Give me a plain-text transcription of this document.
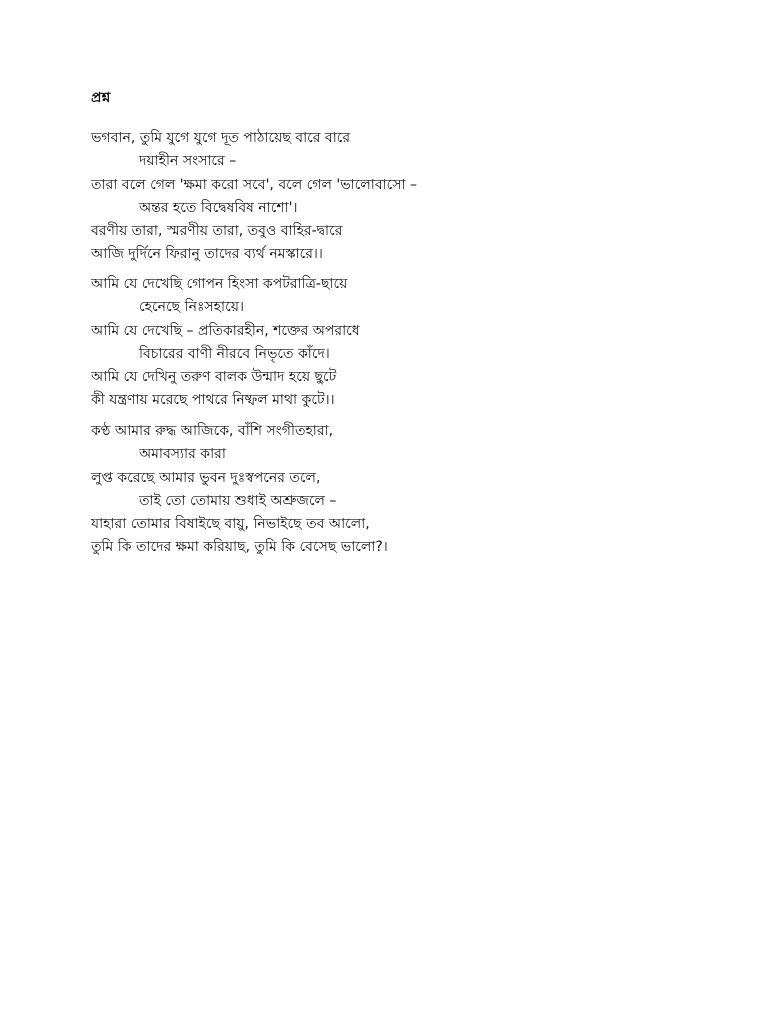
প্রশ্ন
ভগবান, তুমি যুগে যুগে দূত পাঠায়েছ বারে বারে
দয়াহীন সংসারে –
তারা বলে গেল 'ক্ষমা করো সবে', বলে গেল 'ভালোবাসো –
অন্তর হতে বিদ্বেষবিষ নাশো'।
বরণীয় তারা, স্মরণীয় তারা, তবুও বাহির-দ্বারে
আজি দুর্দিনে ফিরানু তাদের ব্যর্থ নমস্কারে।।
আমি যে দেখেছি গোপন হিংসা কপটরাত্রি-ছায়ে
হেনেছে নিঃসহায়ে।
আমি যে দেখেছি – প্রতিকারহীন, শক্তের অপরাধে
বিচারের বাণী নীরবে নিভৃতে কাঁদে।
আমি যে দেখিনু তরুণ বালক উন্মাদ হয়ে ছুটে
কী যন্ত্রণায় মরেছে পাথরে নিষ্ফল মাথা কুটে।।
কণ্ঠ আমার রুদ্ধ আজিকে, বাঁশি সংগীতহারা,
অমাবস্যার কারা
লুপ্ত করেছে আমার ভুবন দুঃস্বপনের তলে,
তাই তো তোমায় শুধাই অশ্রুজলে –
যাহারা তোমার বিষাইছে বায়ু, নিভাইছে তব আলো,
তুমি কি তাদের ক্ষমা করিয়াছ, তুমি কি বেসেছ ভালো?।
